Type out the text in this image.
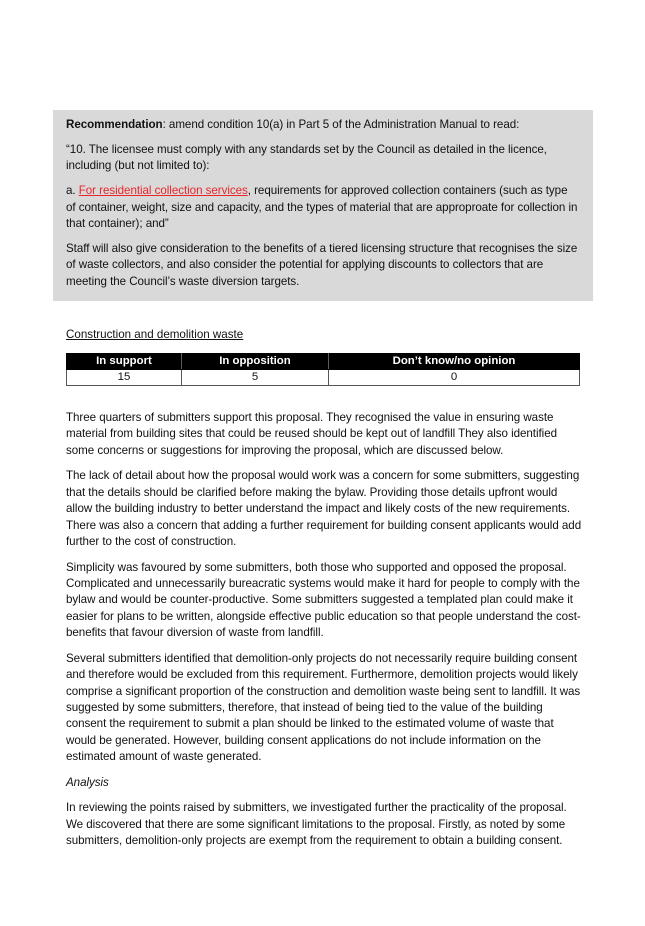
Recommendation: amend condition 10(a) in Part 5 of the Administration Manual to read:

“10. The licensee must comply with any standards set by the Council as detailed in the licence, including (but not limited to):

a. For residential collection services, requirements for approved collection containers (such as type of container, weight, size and capacity, and the types of material that are approproate for collection in that container); and”

Staff will also give consideration to the benefits of a tiered licensing structure that recognises the size of waste collectors, and also consider the potential for applying discounts to collectors that are meeting the Council’s waste diversion targets.

Construction and demolition waste
In support	In opposition	Don’t know/no opinion
15	5	0

Three quarters of submitters support this proposal. They recognised the value in ensuring waste material from building sites that could be reused should be kept out of landfill They also identified some concerns or suggestions for improving the proposal, which are discussed below.

The lack of detail about how the proposal would work was a concern for some submitters, suggesting that the details should be clarified before making the bylaw. Providing those details upfront would allow the building industry to better understand the impact and likely costs of the new requirements. There was also a concern that adding a further requirement for building consent applicants would add further to the cost of construction.

Simplicity was favoured by some submitters, both those who supported and opposed the proposal. Complicated and unnecessarily bureacratic systems would make it hard for people to comply with the bylaw and would be counter-productive. Some submitters suggested a templated plan could make it easier for plans to be written, alongside effective public education so that people understand the cost-benefits that favour diversion of waste from landfill.

Several submitters identified that demolition-only projects do not necessarily require building consent and therefore would be excluded from this requirement. Furthermore, demolition projects would likely comprise a significant proportion of the construction and demolition waste being sent to landfill. It was suggested by some submitters, therefore, that instead of being tied to the value of the building consent the requirement to submit a plan should be linked to the estimated volume of waste that would be generated. However, building consent applications do not include information on the estimated amount of waste generated.

Analysis

In reviewing the points raised by submitters, we investigated further the practicality of the proposal. We discovered that there are some significant limitations to the proposal. Firstly, as noted by some submitters, demolition-only projects are exempt from the requirement to obtain a building consent.
